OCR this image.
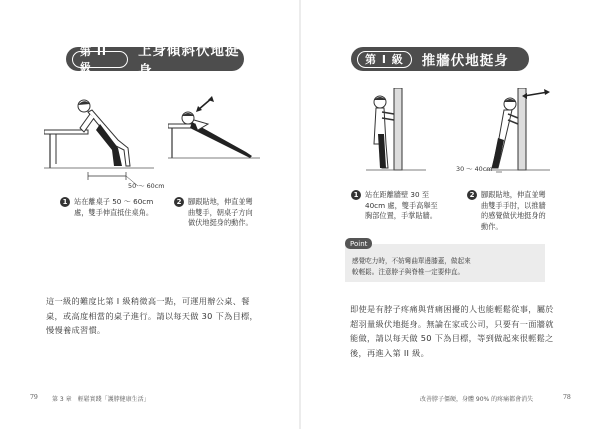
第 II 級
上身傾斜伏地挺身
50 ～ 60cm
1 站在離桌子 50 ～ 60cm
處，雙手伸直抵住桌角。
2 腳跟貼地，伸直並彎
曲雙手，朝桌子方向
做伏地挺身的動作。
這一級的難度比第 I 級稍微高一點，可運用辦公桌、餐
桌，或高度相當的桌子進行。請以每天做 30 下為目標，
慢慢養成習慣。
79 第 3 章　輕鬆實踐「護脖健康生活」
第 I 級	推牆伏地挺身
30 ～ 40cm
1 站在距離牆壁 30 至
40cm 處，雙手高舉至
胸部位置，手掌貼牆。
2 腳跟貼地，伸直並彎
曲雙手手肘，以推牆
的感覺做伏地挺身的
動作。
Point
感覺吃力時，不妨彎曲單邊膝蓋，做起來
較輕鬆。注意脖子與脊椎一定要伸直。
即使是有脖子疼痛與背痛困擾的人也能輕鬆從事，屬於
超羽量級伏地挺身。無論在家或公司，只要有一面牆就
能做，請以每天做 50 下為目標，等到做起來很輕鬆之
後，再進入第 II 級。
改善脖子僵硬，身體 90% 的疼痛都會消失	78
